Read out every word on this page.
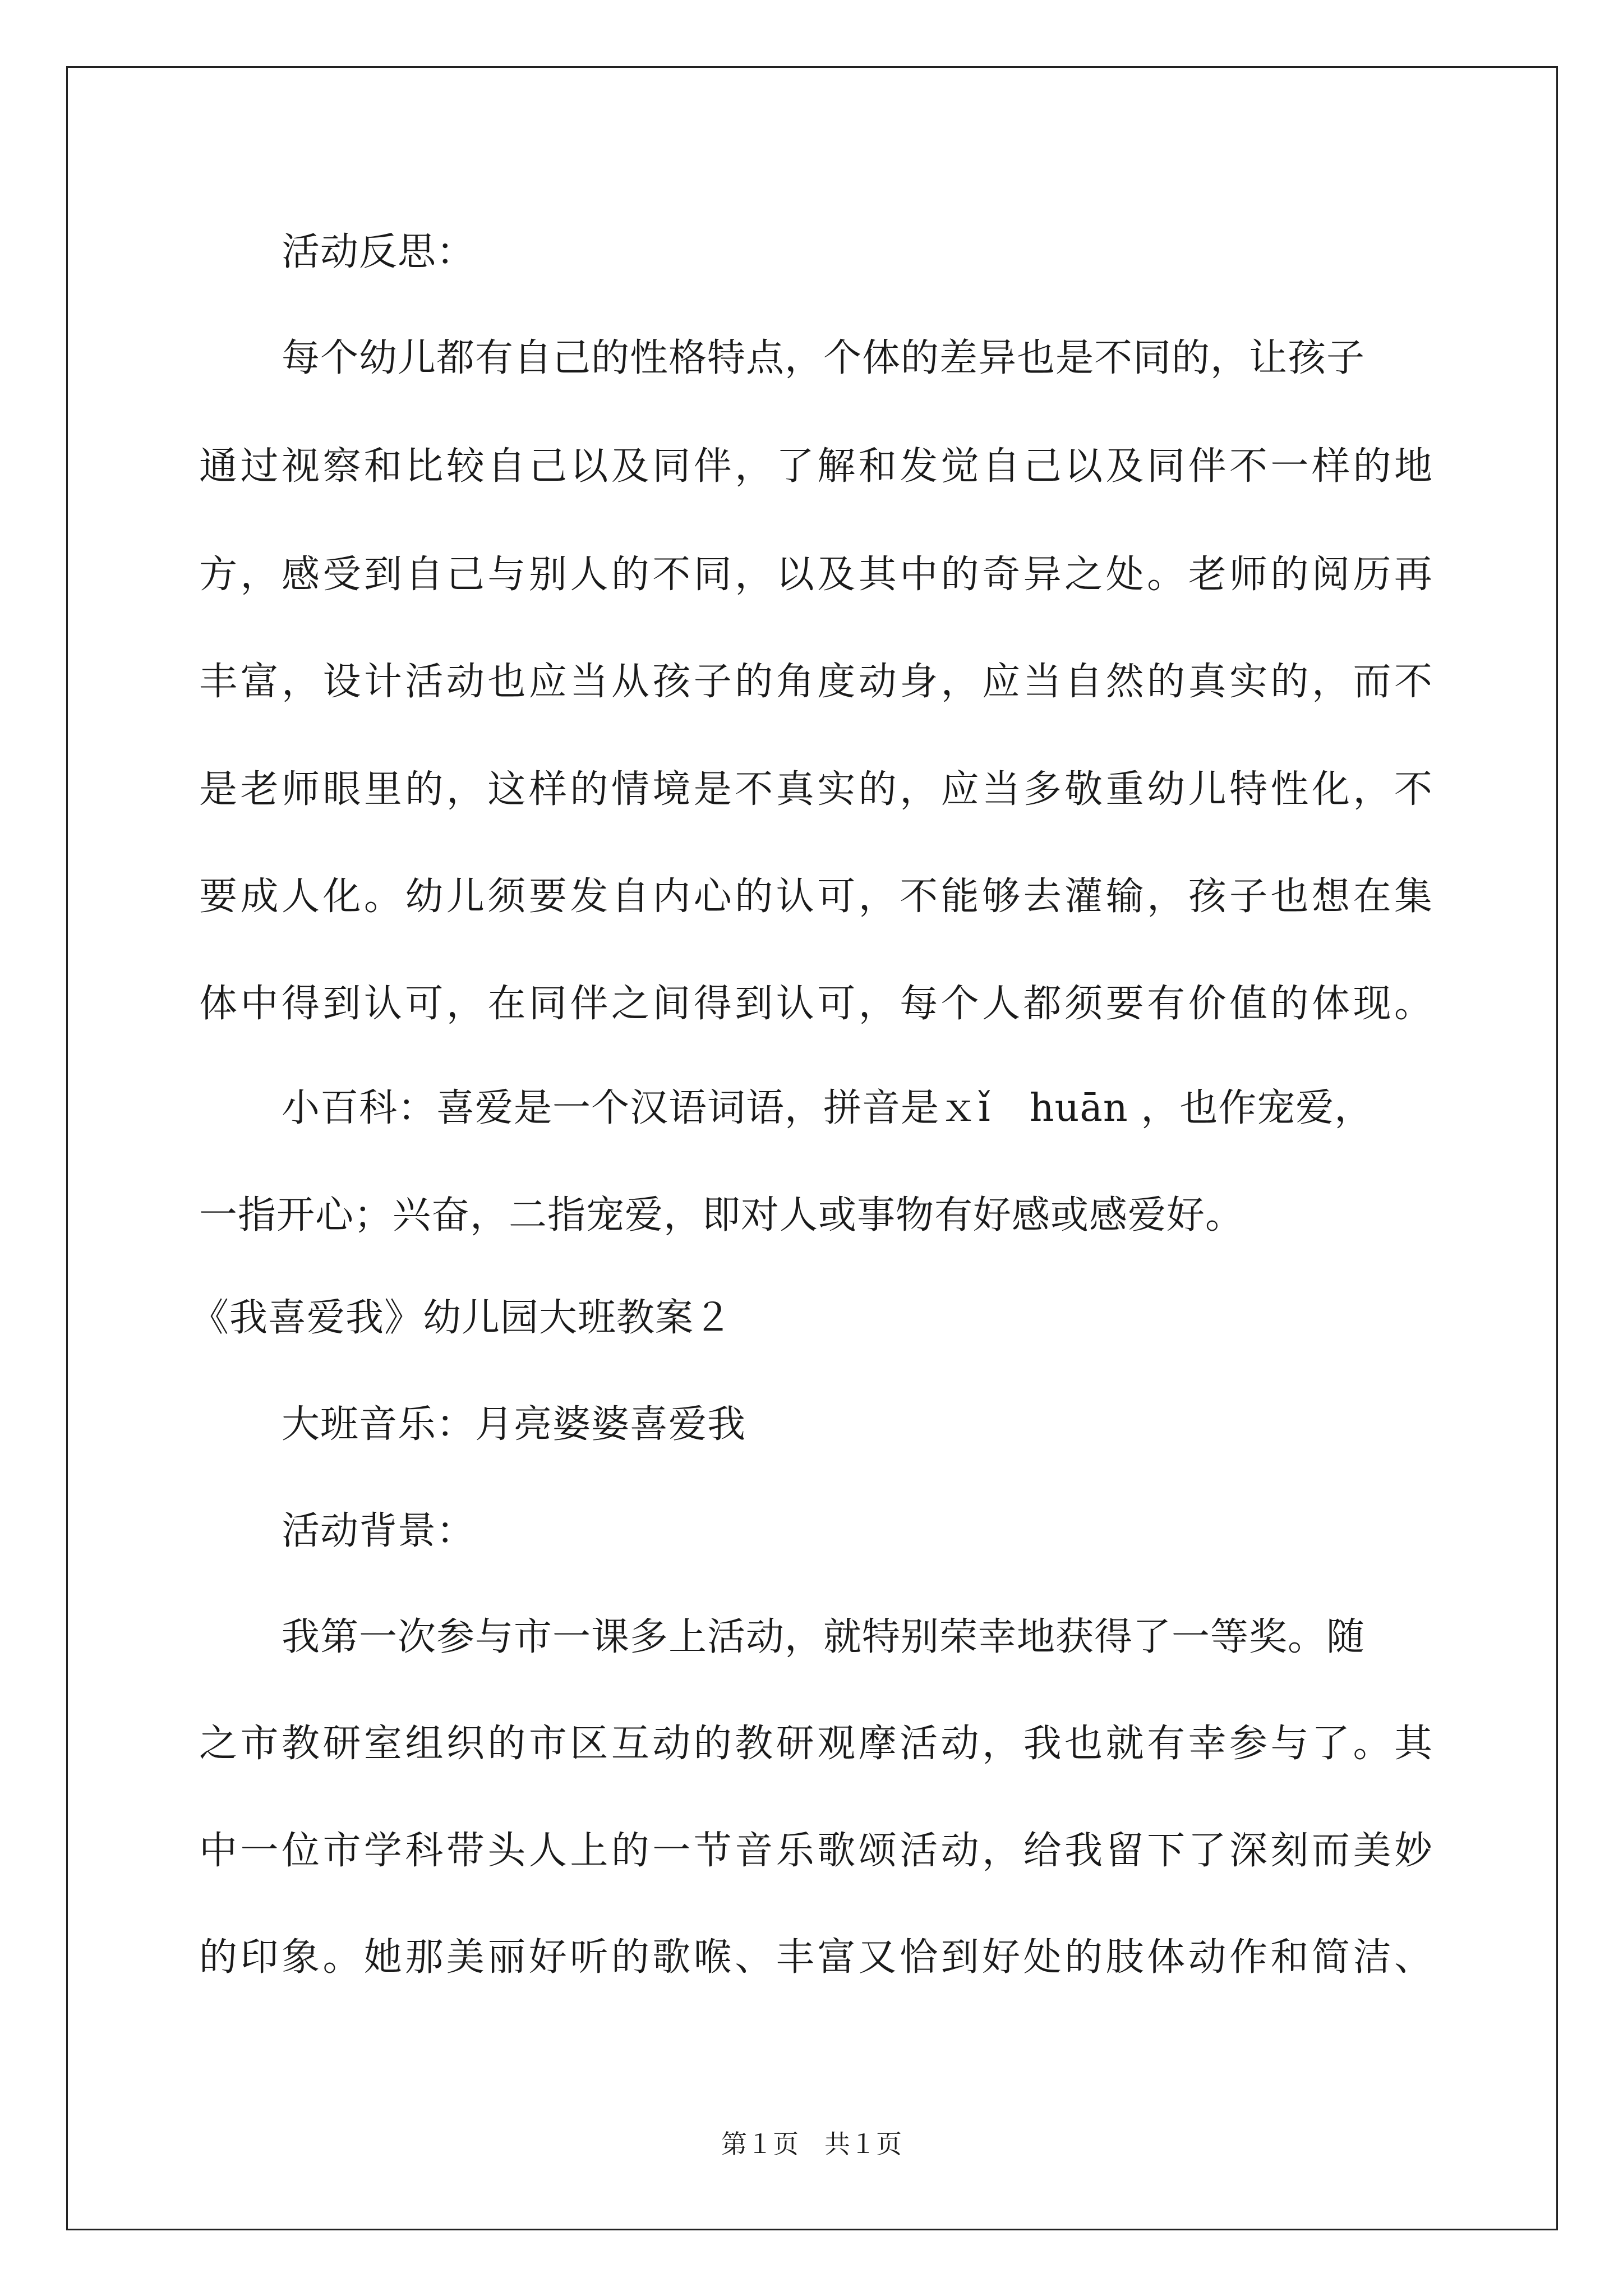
活动反思：
每个幼儿都有自己的性格特点，个体的差异也是不同的，让孩子
通过视察和比较自己以及同伴，了解和发觉自己以及同伴不一样的地
方，感受到自己与别人的不同，以及其中的奇异之处。老师的阅历再
丰富，设计活动也应当从孩子的角度动身，应当自然的真实的，而不
是老师眼里的，这样的情境是不真实的，应当多敬重幼儿特性化，不
要成人化。幼儿须要发自内心的认可，不能够去灌输，孩子也想在集
体中得到认可，在同伴之间得到认可，每个人都须要有价值的体现。
小百科：喜爱是一个汉语词语，拼音是ｘǐ　huān ，也作宠爱，
一指开心；兴奋，二指宠爱，即对人或事物有好感或感爱好。
《我喜爱我》幼儿园大班教案２
大班音乐：月亮婆婆喜爱我
活动背景：
我第一次参与市一课多上活动，就特别荣幸地获得了一等奖。随
之市教研室组织的市区互动的教研观摩活动，我也就有幸参与了。其
中一位市学科带头人上的一节音乐歌颂活动，给我留下了深刻而美妙
的印象。她那美丽好听的歌喉、丰富又恰到好处的肢体动作和简洁、
第１页　共１页
